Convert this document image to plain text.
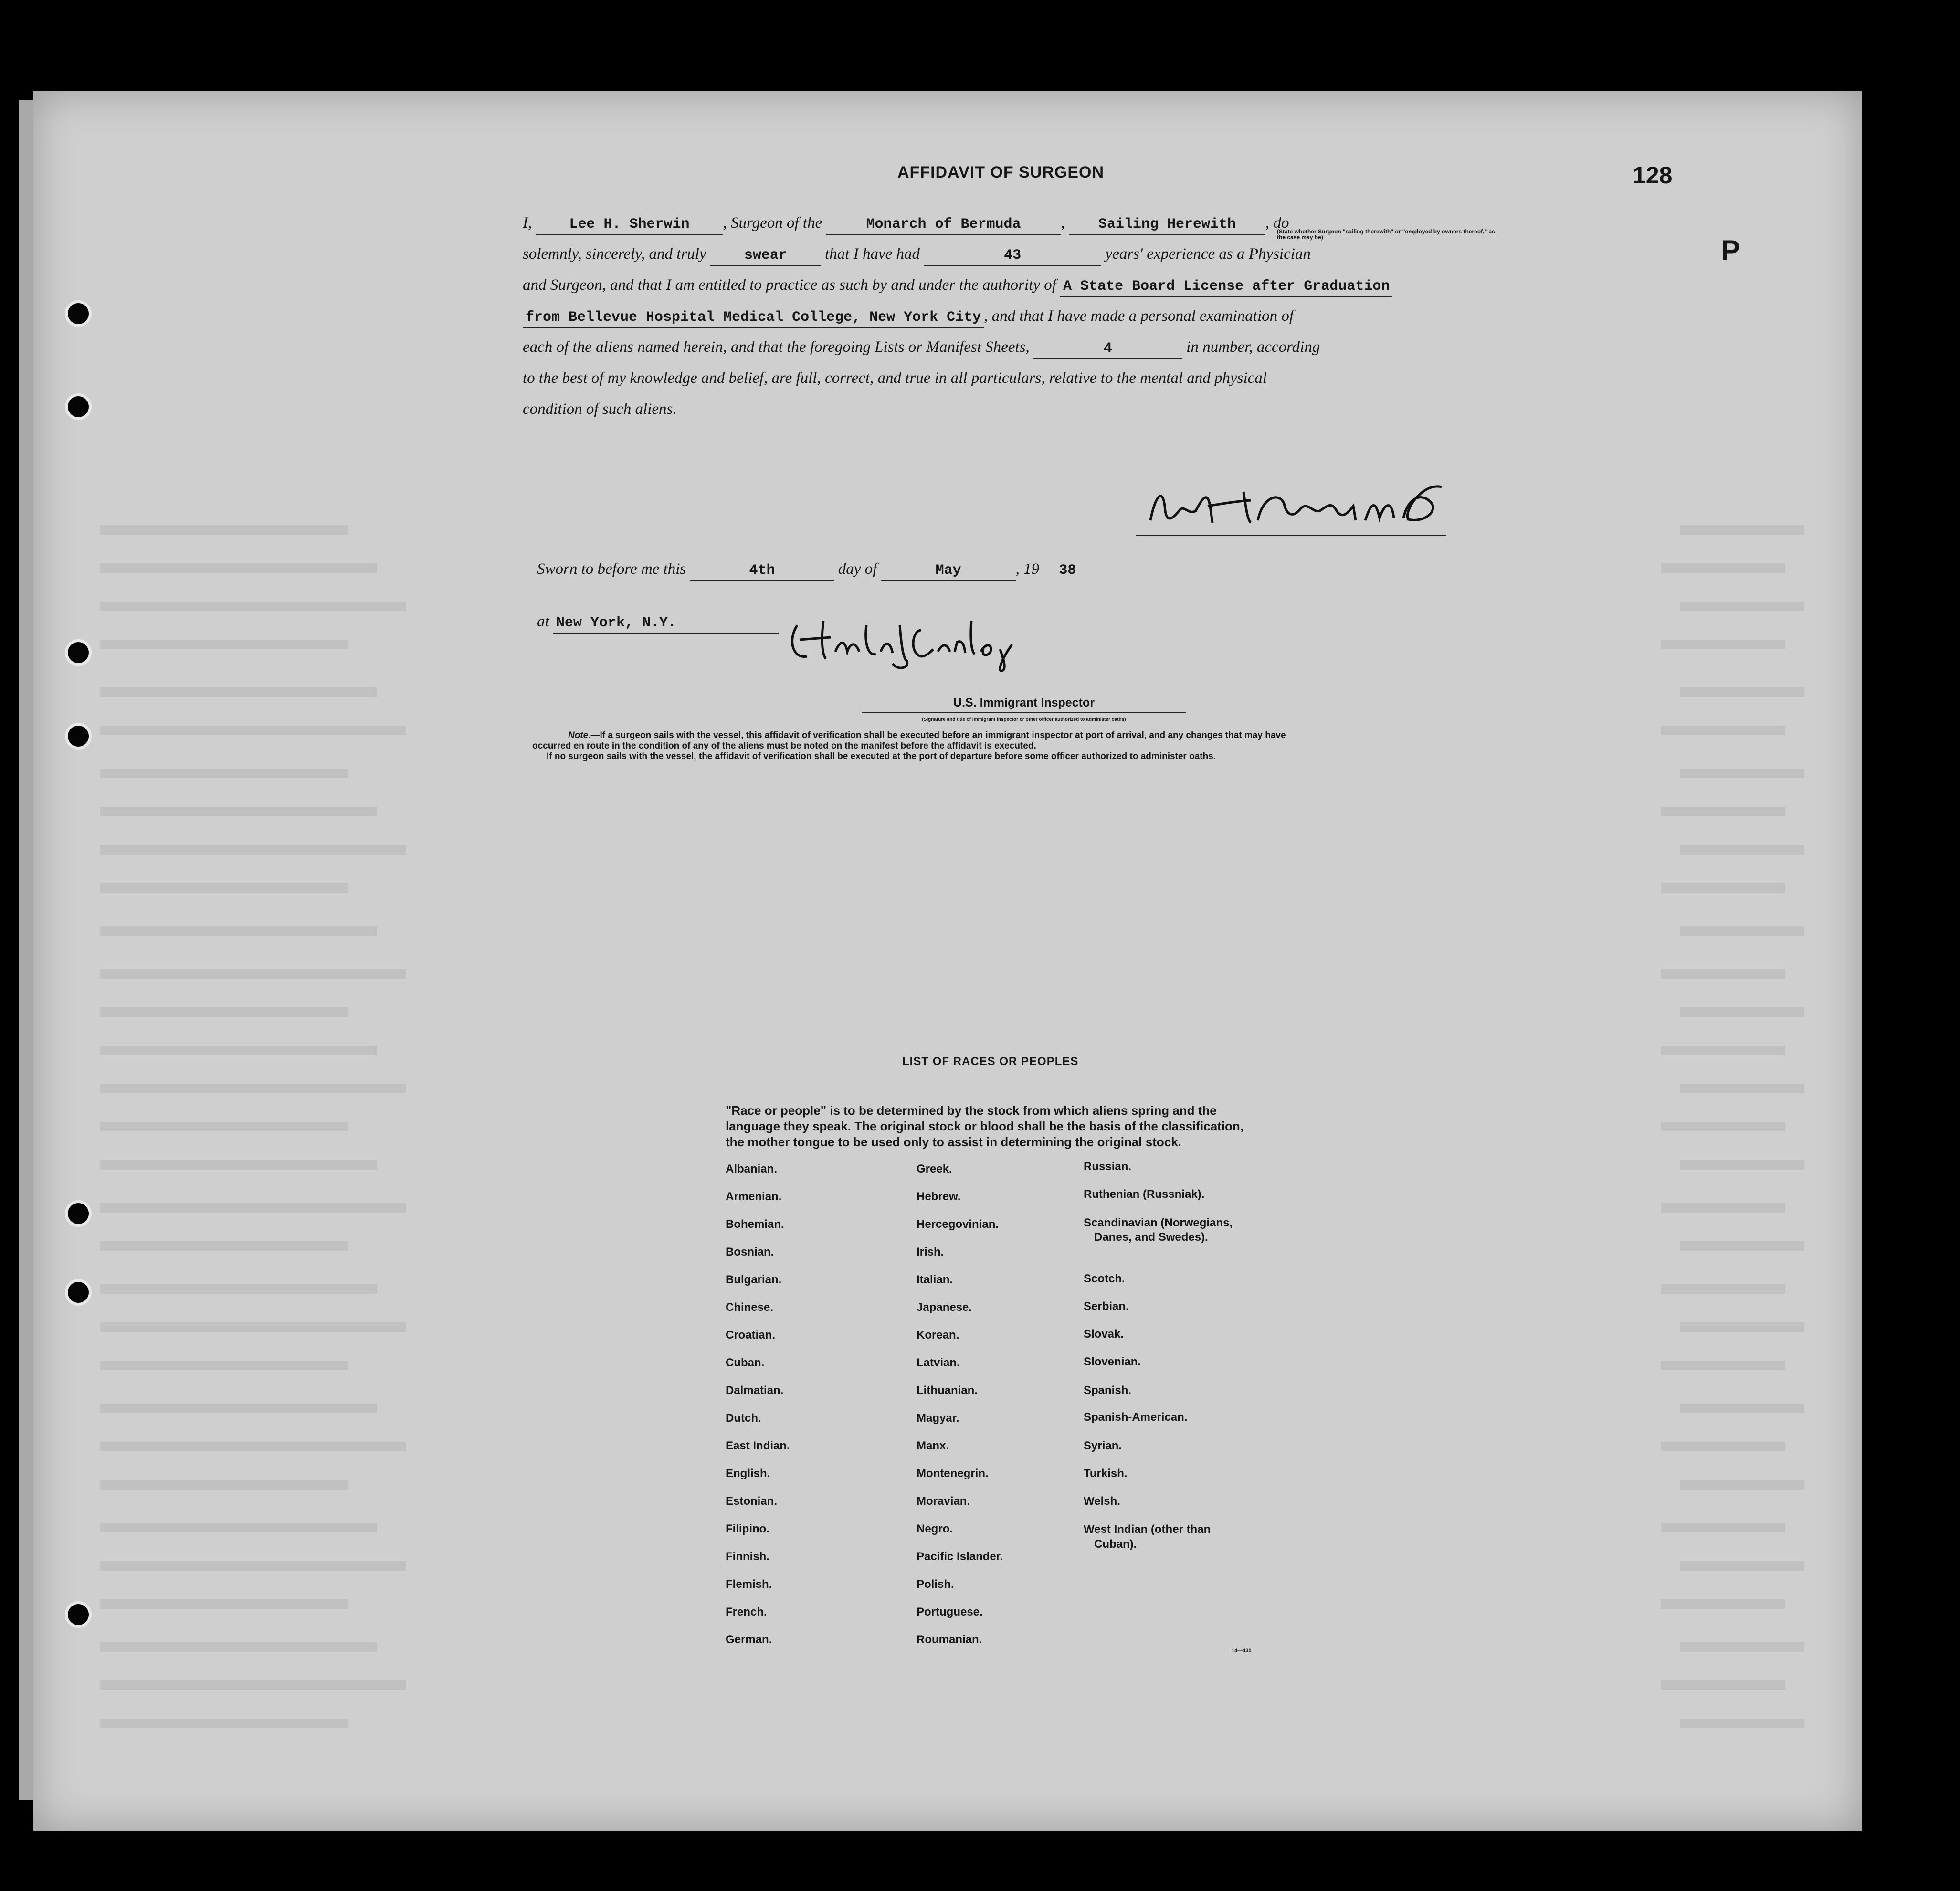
128
P
AFFIDAVIT OF SURGEON
I,	Lee H. Sherwin , Surgeon of the	Monarch of Bermuda	, Sailing Herewith , do
(State whether Surgeon "sailing therewith" or "employed by owners thereof," as the case may be)
solemnly, sincerely, and truly	swear that I have had	43	years' experience as a Physician
and Surgeon, and that I am entitled to practice as such by and under the authority of A State Board License after Graduation
from Bellevue Hospital Medical College, New York City , and that I have made a personal examination of
each of the aliens named herein, and that the foregoing Lists or Manifest Sheets,	4	in number, according
to the best of my knowledge and belief, are full, correct, and true in all particulars, relative to the mental and physical
condition of such aliens.
Sworn to before me this	4th	day of	May	, 19 38
at New York, N.Y.
U.S. Immigrant Inspector
(Signature and title of immigrant inspector or other officer authorized to administer oaths)
Note.—If a surgeon sails with the vessel, this affidavit of verification shall be executed before an immigrant inspector at port of arrival, and any changes that may have
occurred en route in the condition of any of the aliens must be noted on the manifest before the affidavit is executed.
If no surgeon sails with the vessel, the affidavit of verification shall be executed at the port of departure before some officer authorized to administer oaths.
LIST OF RACES OR PEOPLES
"Race or people" is to be determined by the stock from which aliens spring and the language they speak. The original stock or blood shall be the basis of the classification, the mother tongue to be used only to assist in determining the original stock.
Albanian.
Armenian.
Bohemian.
Bosnian.
Bulgarian.
Chinese.
Croatian.
Cuban.
Dalmatian.
Dutch.
East Indian.
English.
Estonian.
Filipino.
Finnish.
Flemish.
French.
German.
Greek.
Hebrew.
Hercegovinian.
Irish.
Italian.
Japanese.
Korean.
Latvian.
Lithuanian.
Magyar.
Manx.
Montenegrin.
Moravian.
Negro.
Pacific Islander.
Polish.
Portuguese.
Roumanian.
Russian.
Ruthenian (Russniak).
Scandinavian (Norwegians,
Danes, and Swedes).
Scotch.
Serbian.
Slovak.
Slovenian.
Spanish.
Spanish-American.
Syrian.
Turkish.
Welsh.
West Indian (other than
Cuban).
14—430
